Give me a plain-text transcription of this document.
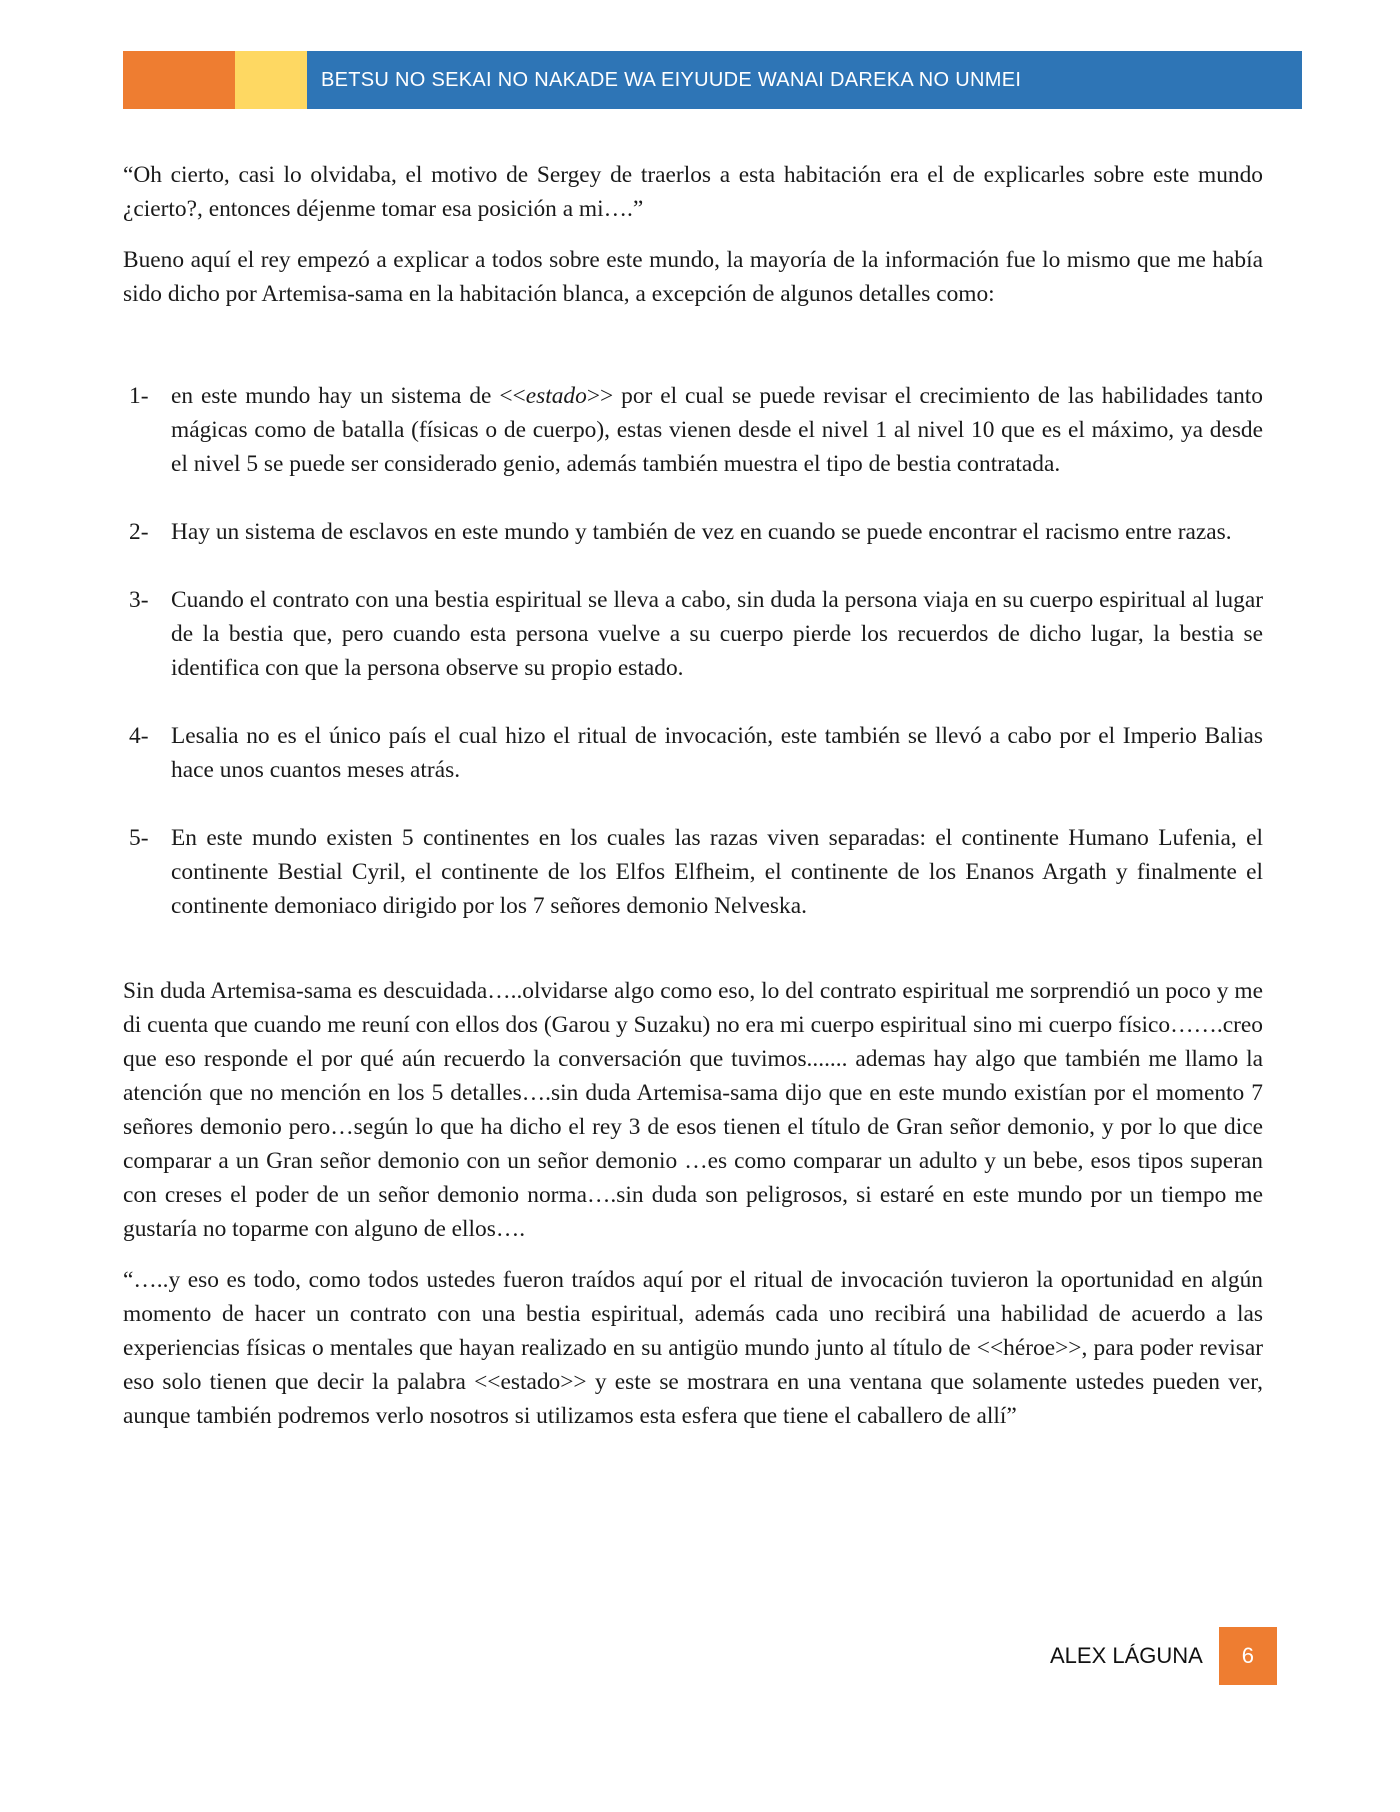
BETSU NO SEKAI NO NAKADE WA EIYUUDE WANAI DAREKA NO UNMEI

“Oh cierto, casi lo olvidaba, el motivo de Sergey de traerlos a esta habitación era el de explicarles sobre este mundo ¿cierto?, entonces déjenme tomar esa posición a mi….”

Bueno aquí el rey empezó a explicar a todos sobre este mundo, la mayoría de la información fue lo mismo que me había sido dicho por Artemisa-sama en la habitación blanca, a excepción de algunos detalles como:

1- en este mundo hay un sistema de <<estado>> por el cual se puede revisar el crecimiento de las habilidades tanto mágicas como de batalla (físicas o de cuerpo), estas vienen desde el nivel 1 al nivel 10 que es el máximo, ya desde el nivel 5 se puede ser considerado genio, además también muestra el tipo de bestia contratada.
2- Hay un sistema de esclavos en este mundo y también de vez en cuando se puede encontrar el racismo entre razas.
3- Cuando el contrato con una bestia espiritual se lleva a cabo, sin duda la persona viaja en su cuerpo espiritual al lugar de la bestia que, pero cuando esta persona vuelve a su cuerpo pierde los recuerdos de dicho lugar, la bestia se identifica con que la persona observe su propio estado.
4- Lesalia no es el único país el cual hizo el ritual de invocación, este también se llevó a cabo por el Imperio Balias hace unos cuantos meses atrás.
5- En este mundo existen 5 continentes en los cuales las razas viven separadas: el continente Humano Lufenia, el continente Bestial Cyril, el continente de los Elfos Elfheim, el continente de los Enanos Argath y finalmente el continente demoniaco dirigido por los 7 señores demonio Nelveska.

Sin duda Artemisa-sama es descuidada…..olvidarse algo como eso, lo del contrato espiritual me sorprendió un poco y me di cuenta que cuando me reuní con ellos dos (Garou y Suzaku) no era mi cuerpo espiritual sino mi cuerpo físico…….creo que eso responde el por qué aún recuerdo la conversación que tuvimos....... ademas hay algo que también me llamo la atención que no mención en los 5 detalles….sin duda Artemisa-sama dijo que en este mundo existían por el momento 7 señores demonio pero…según lo que ha dicho el rey 3 de esos tienen el título de Gran señor demonio, y por lo que dice comparar a un Gran señor demonio con un señor demonio …es como comparar un adulto y un bebe, esos tipos superan con creses el poder de un señor demonio norma….sin duda son peligrosos, si estaré en este mundo por un tiempo me gustaría no toparme con alguno de ellos….

“…..y eso es todo, como todos ustedes fueron traídos aquí por el ritual de invocación tuvieron la oportunidad en algún momento de hacer un contrato con una bestia espiritual, además cada uno recibirá una habilidad de acuerdo a las experiencias físicas o mentales que hayan realizado en su antigüo mundo junto al título de <<héroe>>, para poder revisar eso solo tienen que decir la palabra <<estado>> y este se mostrara en una ventana que solamente ustedes pueden ver, aunque también podremos verlo nosotros si utilizamos esta esfera que tiene el caballero de allí”

ALEX LÁGUNA	6
